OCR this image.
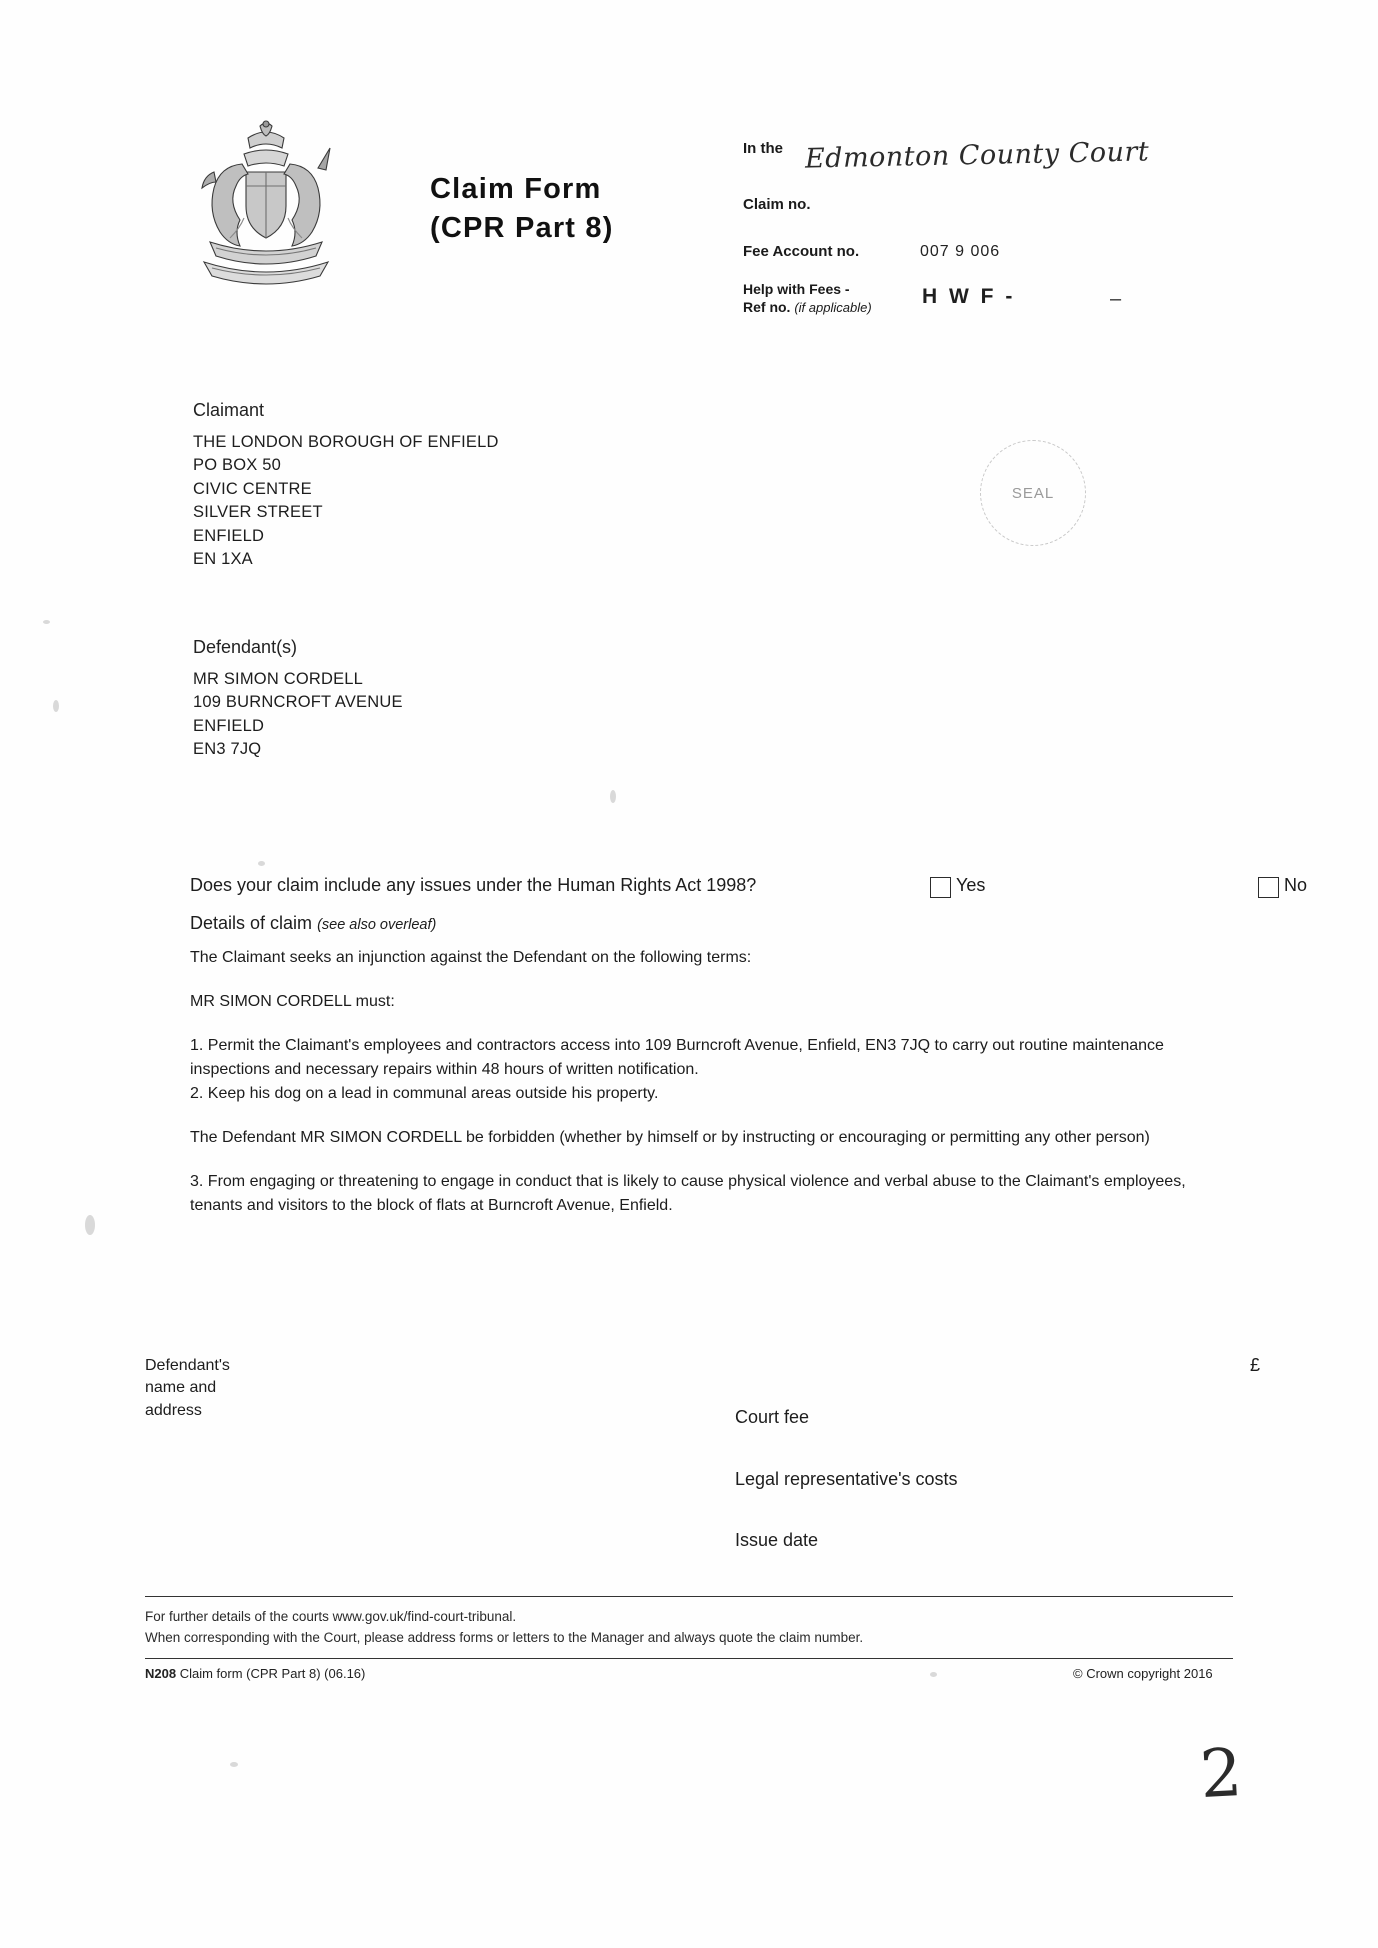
Claim Form
(CPR Part 8)
In the Edmonton County Court
Claim no.
Fee Account no.	007 9 006
Help with Fees -
Ref no. (if applicable)	H W F -	–
Claimant
THE LONDON BOROUGH OF ENFIELD
PO BOX 50
CIVIC CENTRE
SILVER STREET
ENFIELD
EN 1XA
SEAL
Defendant(s)
MR SIMON CORDELL
109 BURNCROFT AVENUE
ENFIELD
EN3 7JQ
Does your claim include any issues under the Human Rights Act 1998?	Yes	No
Details of claim (see also overleaf)

The Claimant seeks an injunction against the Defendant on the following terms:

MR SIMON CORDELL must:

1. Permit the Claimant's employees and contractors access into 109 Burncroft Avenue, Enfield, EN3 7JQ to carry out routine maintenance inspections and necessary repairs within 48 hours of written notification.

2. Keep his dog on a lead in communal areas outside his property.

The Defendant MR SIMON CORDELL be forbidden (whether by himself or by instructing or encouraging or permitting any other person)

3. From engaging or threatening to engage in conduct that is likely to cause physical violence and verbal abuse to the Claimant's employees, tenants and visitors to the block of flats at Burncroft Avenue, Enfield.

Defendant's
name and
address
£
Court fee
Legal representative's costs
Issue date
For further details of the courts www.gov.uk/find-court-tribunal.
When corresponding with the Court, please address forms or letters to the Manager and always quote the claim number.
N208 Claim form (CPR Part 8) (06.16)	© Crown copyright 2016
2
